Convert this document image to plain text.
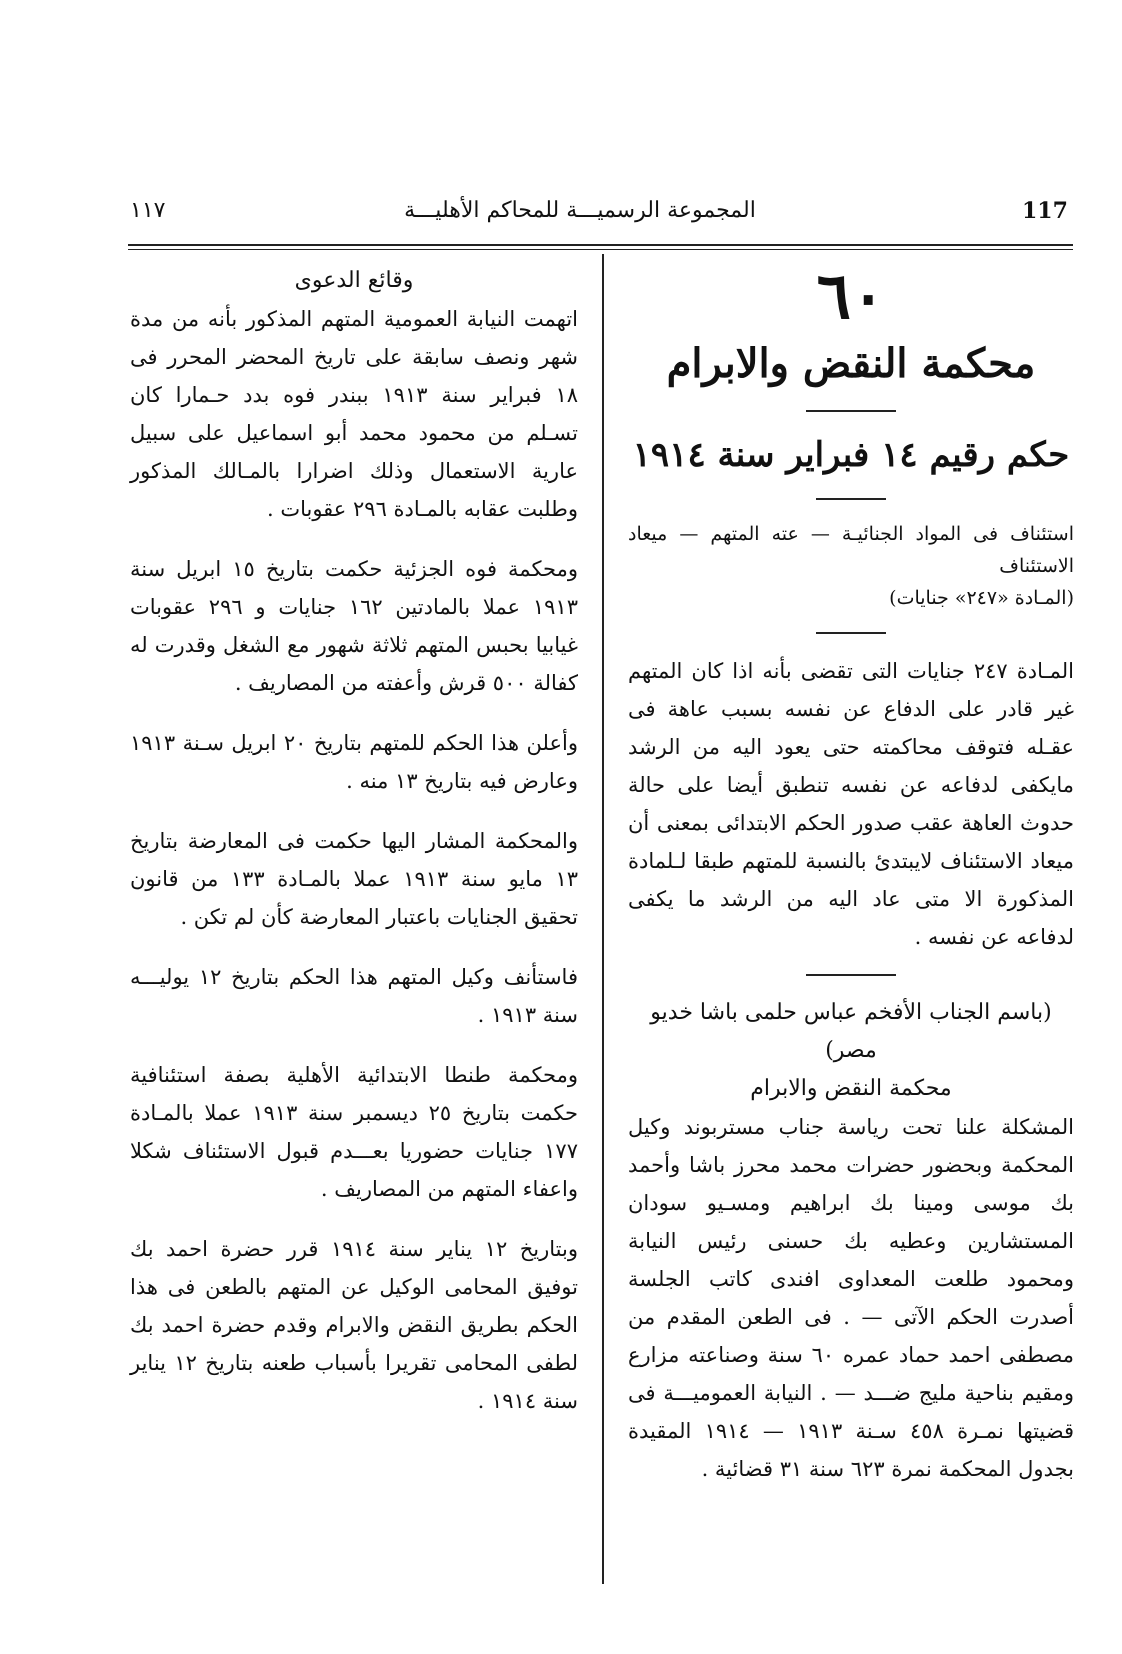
١١٧	المجموعة الرسميـــة للمحاكم الأهليـــة	117

٦٠

محكمة النقض والابرام

حكم رقيم ١٤ فبراير سنة ١٩١٤

استئناف فى المواد الجنائيـة — عته المتهم — ميعاد الاستئناف

(المـادة «٢٤٧» جنايات)

المـادة ٢٤٧ جنايات التى تقضى بأنه اذا كان المتهم غير قادر على الدفاع عن نفسه بسبب عاهة فى عقـله فتوقف محاكمته حتى يعود اليه من الرشد مايكفى لدفاعه عن نفسه تنطبق أيضا على حالة حدوث العاهة عقب صدور الحكم الابتدائى بمعنى أن ميعاد الاستئناف لايبتدئ بالنسبة للمتهم طبقا لـلمادة المذكورة الا متى عاد اليه من الرشد ما يكفى لدفاعه عن نفسه .

(باسم الجناب الأفخم عباس حلمى باشا خديو مصر)

محكمة النقض والابرام

المشكلة علنا تحت رياسة جناب مستربوند وكيل المحكمة وبحضور حضرات محمد محرز باشا وأحمد بك موسى ومينا بك ابراهيم ومسـيو سودان المستشارين وعطيه بك حسنى رئيس النيابة ومحمود طلعت المعداوى افندى كاتب الجلسة أصدرت الحكم الآتى — . فى الطعن المقدم من مصطفى احمد حماد عمره ٦٠ سنة وصناعته مزارع ومقيم بناحية مليج ضـــد — . النيابة العموميـــة فى قضيتها نمـرة ٤٥٨ سـنة ١٩١٣ — ١٩١٤ المقيدة بجدول المحكمة نمرة ٦٢٣ سنة ٣١ قضائية .

وقائع الدعوى

اتهمت النيابة العمومية المتهم المذكور بأنه من مدة شهر ونصف سابقة على تاريخ المحضر المحرر فى ١٨ فبراير سنة ١٩١٣ ببندر فوه بدد حـمارا كان تسـلم من محمود محمد أبو اسماعيل على سبيل عارية الاستعمال وذلك اضرارا بالمـالك المذكور وطلبت عقابه بالمـادة ٢٩٦ عقوبات .

ومحكمة فوه الجزئية حكمت بتاريخ ١٥ ابريل سنة ١٩١٣ عملا بالمادتين ١٦٢ جنايات و ٢٩٦ عقوبات غيابيا بحبس المتهم ثلاثة شهور مع الشغل وقدرت له كفالة ٥٠٠ قرش وأعفته من المصاريف .

وأعلن هذا الحكم للمتهم بتاريخ ٢٠ ابريل سـنة ١٩١٣ وعارض فيه بتاريخ ١٣ منه .

والمحكمة المشار اليها حكمت فى المعارضة بتاريخ ١٣ مايو سنة ١٩١٣ عملا بالمـادة ١٣٣ من قانون تحقيق الجنايات باعتبار المعارضة كأن لم تكن .

فاستأنف وكيل المتهم هذا الحكم بتاريخ ١٢ يوليـــه سنة ١٩١٣ .

ومحكمة طنطا الابتدائية الأهلية بصفة استئنافية حكمت بتاريخ ٢٥ ديسمبر سنة ١٩١٣ عملا بالمـادة ١٧٧ جنايات حضوريا بعـــدم قبول الاستئناف شكلا واعفاء المتهم من المصاريف .

وبتاريخ ١٢ يناير سنة ١٩١٤ قرر حضرة احمد بك توفيق المحامى الوكيل عن المتهم بالطعن فى هذا الحكم بطريق النقض والابرام وقدم حضرة احمد بك لطفى المحامى تقريرا بأسباب طعنه بتاريخ ١٢ يناير سنة ١٩١٤ .
